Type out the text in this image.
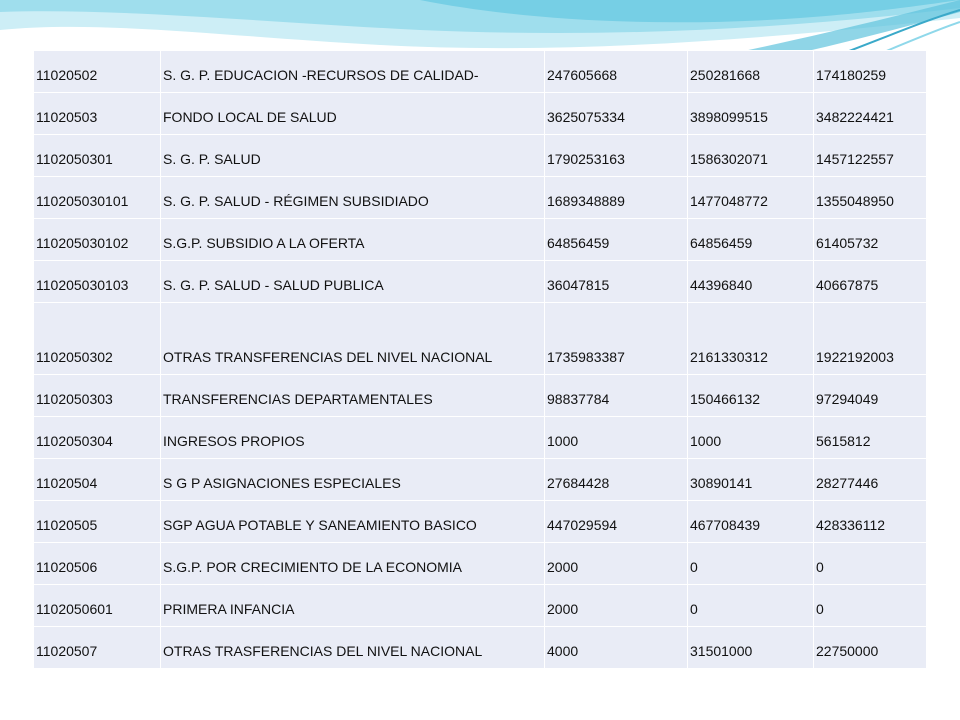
11020502	S. G. P. EDUCACION -RECURSOS DE CALIDAD-	247605668	250281668	174180259
11020503	FONDO LOCAL DE SALUD	3625075334	3898099515	3482224421
1102050301	S. G. P. SALUD	1790253163	1586302071	1457122557
110205030101	S. G. P. SALUD - RÉGIMEN SUBSIDIADO	1689348889	1477048772	1355048950
110205030102	S.G.P. SUBSIDIO A LA OFERTA	64856459	64856459	61405732
110205030103	S. G. P. SALUD - SALUD PUBLICA	36047815	44396840	40667875
1102050302	OTRAS TRANSFERENCIAS DEL NIVEL NACIONAL	1735983387	2161330312	1922192003
1102050303	TRANSFERENCIAS DEPARTAMENTALES	98837784	150466132	97294049
1102050304	INGRESOS PROPIOS	1000	1000	5615812
11020504	S G P ASIGNACIONES ESPECIALES	27684428	30890141	28277446
11020505	SGP AGUA POTABLE Y SANEAMIENTO BASICO	447029594	467708439	428336112
11020506	S.G.P. POR CRECIMIENTO DE LA ECONOMIA	2000	0	0
1102050601	PRIMERA INFANCIA	2000	0	0
11020507	OTRAS TRASFERENCIAS DEL NIVEL NACIONAL	4000	31501000	22750000
